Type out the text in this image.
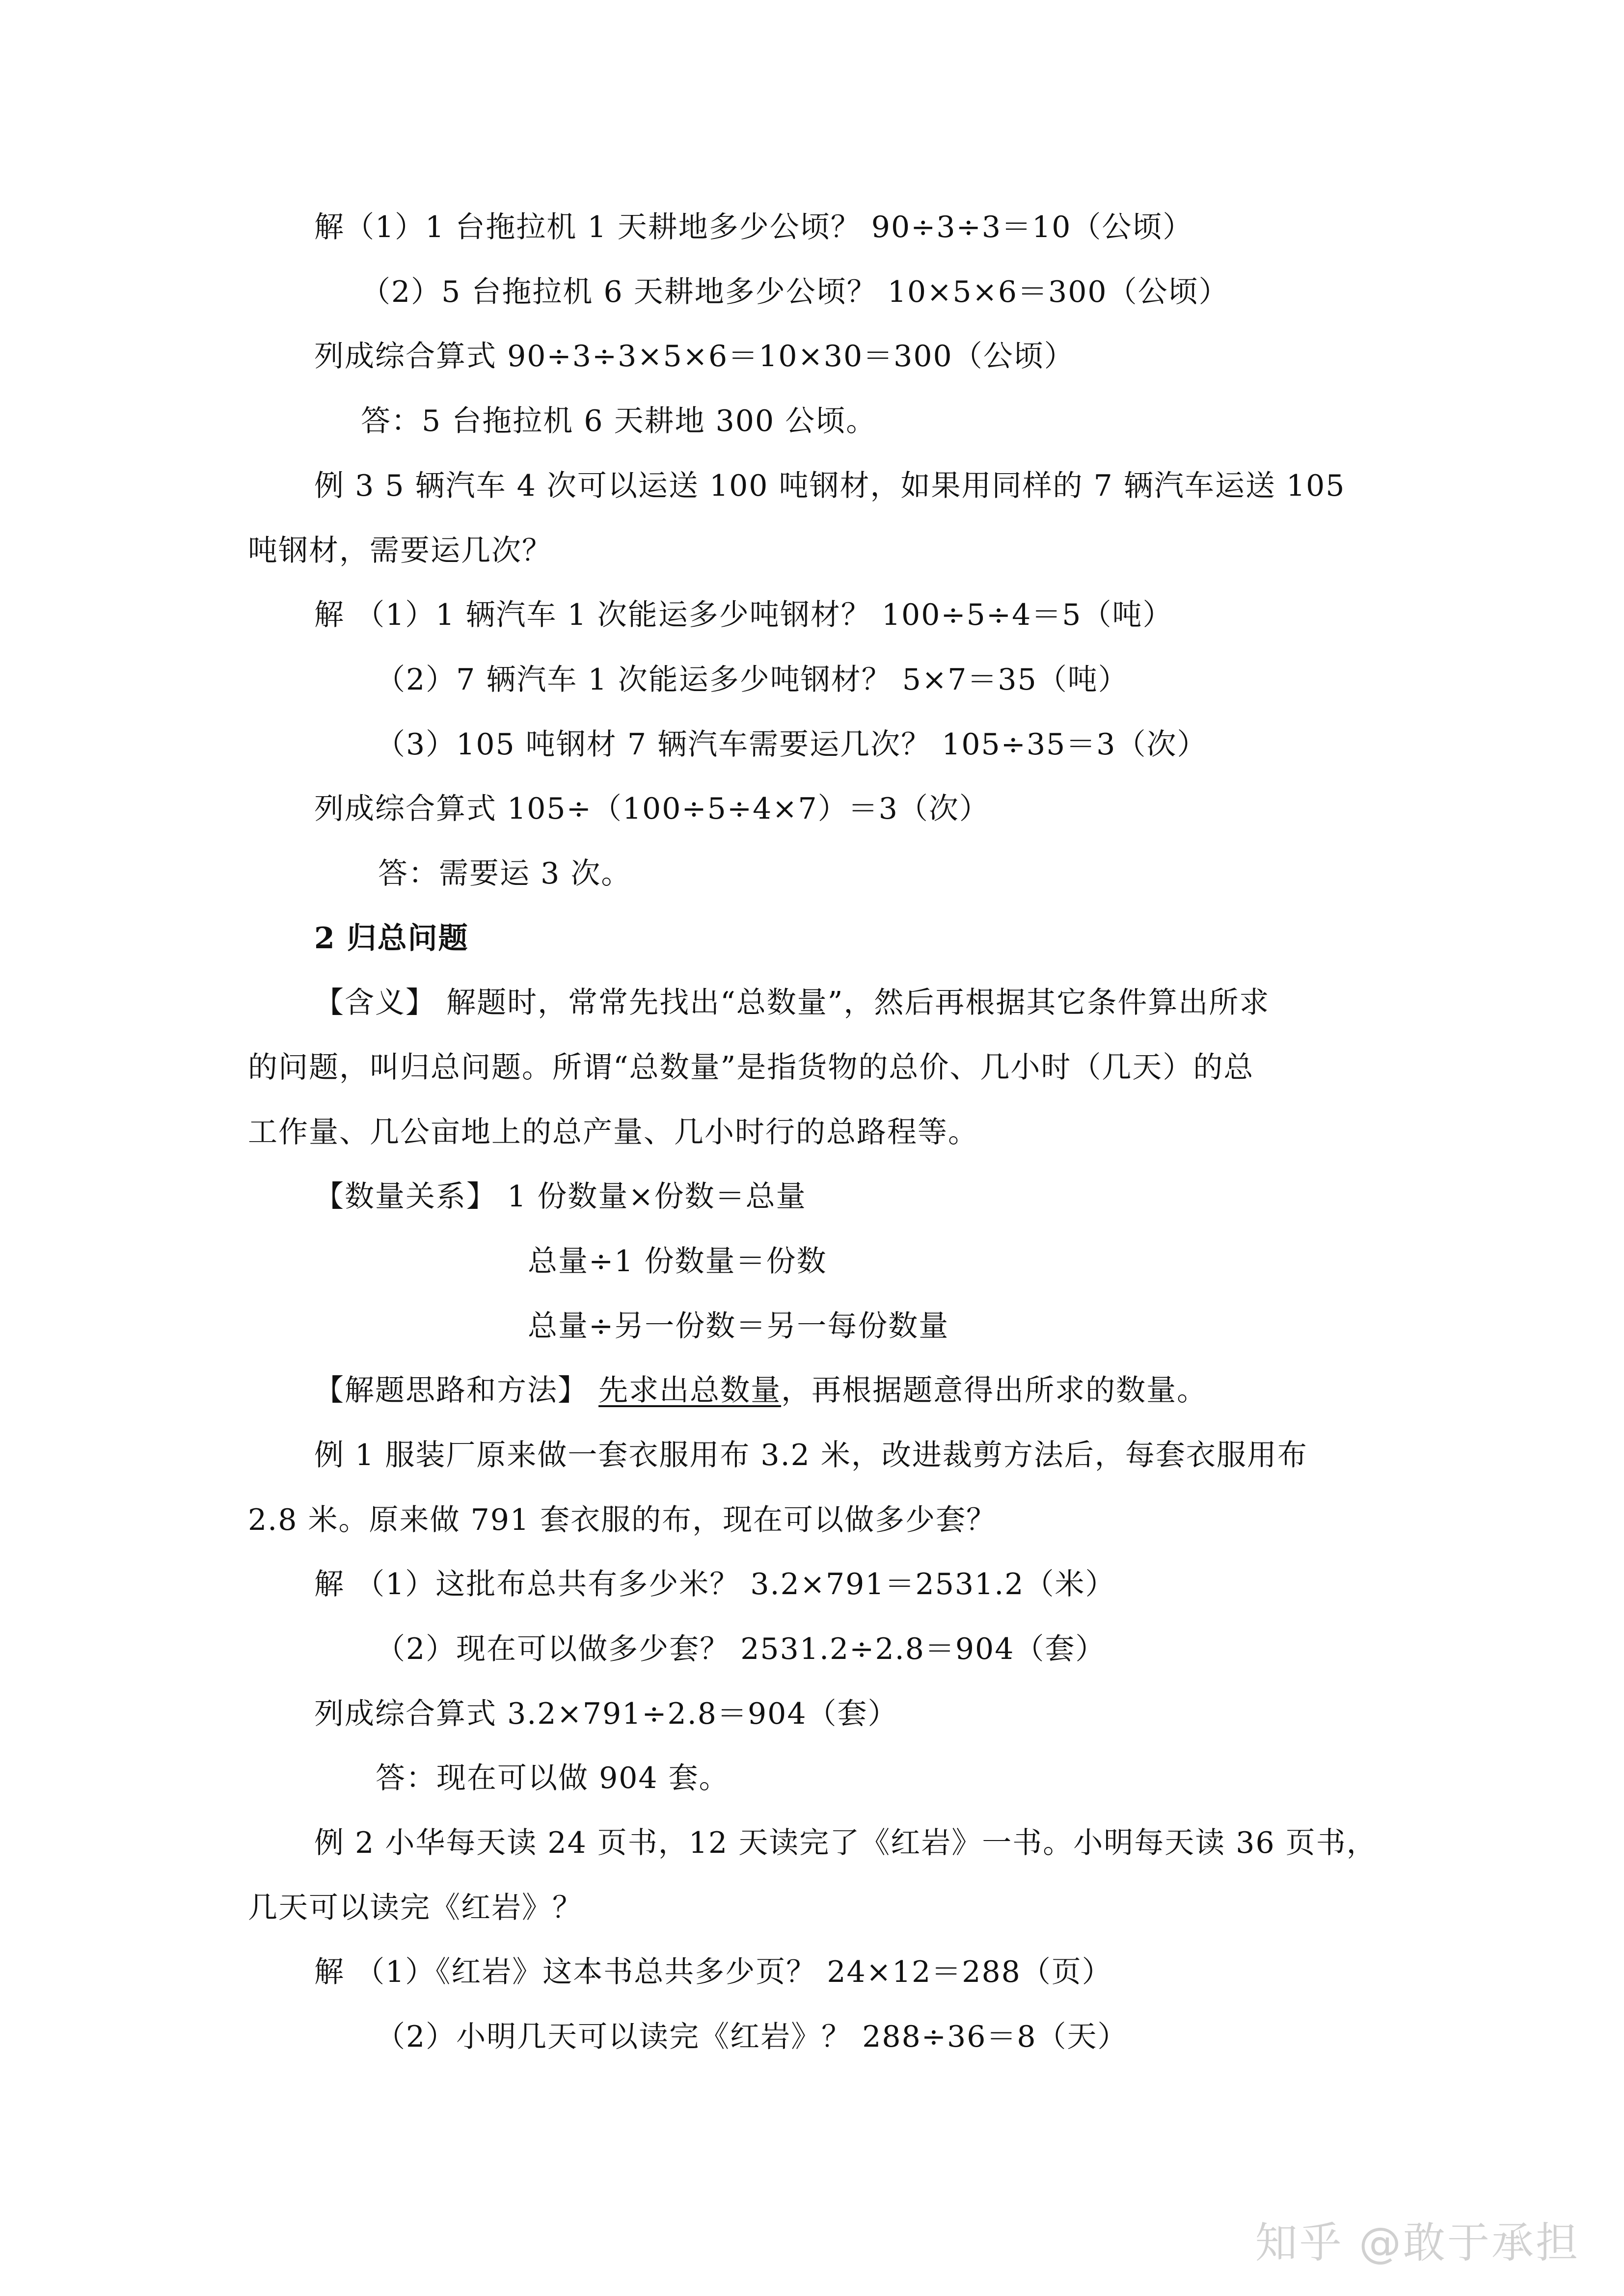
解（1）1 台拖拉机 1 天耕地多少公顷？ 90÷3÷3＝10（公顷）
（2）5 台拖拉机 6 天耕地多少公顷？ 10×5×6＝300（公顷）
列成综合算式 90÷3÷3×5×6＝10×30＝300（公顷）
答：5 台拖拉机 6 天耕地 300 公顷。
例 3 5 辆汽车 4 次可以运送 100 吨钢材，如果用同样的 7 辆汽车运送 105
吨钢材，需要运几次？
解 （1）1 辆汽车 1 次能运多少吨钢材？ 100÷5÷4＝5（吨）
（2）7 辆汽车 1 次能运多少吨钢材？ 5×7＝35（吨）
（3）105 吨钢材 7 辆汽车需要运几次？ 105÷35＝3（次）
列成综合算式 105÷（100÷5÷4×7）＝3（次）
答：需要运 3 次。
2 归总问题
【含义】 解题时，常常先找出“总数量”，然后再根据其它条件算出所求
的问题，叫归总问题。所谓“总数量”是指货物的总价、几小时（几天）的总
工作量、几公亩地上的总产量、几小时行的总路程等。
【数量关系】 1 份数量×份数＝总量
总量÷1 份数量＝份数
总量÷另一份数＝另一每份数量
【解题思路和方法】 先求出总数量，再根据题意得出所求的数量。
例 1 服装厂原来做一套衣服用布 3.2 米，改进裁剪方法后，每套衣服用布
2.8 米。原来做 791 套衣服的布，现在可以做多少套？
解 （1）这批布总共有多少米？ 3.2×791＝2531.2（米）
（2）现在可以做多少套？ 2531.2÷2.8＝904（套）
列成综合算式 3.2×791÷2.8＝904（套）
答：现在可以做 904 套。
例 2 小华每天读 24 页书，12 天读完了《红岩》一书。小明每天读 36 页书，
几天可以读完《红岩》？
解 （1）《红岩》这本书总共多少页？ 24×12＝288（页）
（2）小明几天可以读完《红岩》？ 288÷36＝8（天）
知乎 @敢于承担
